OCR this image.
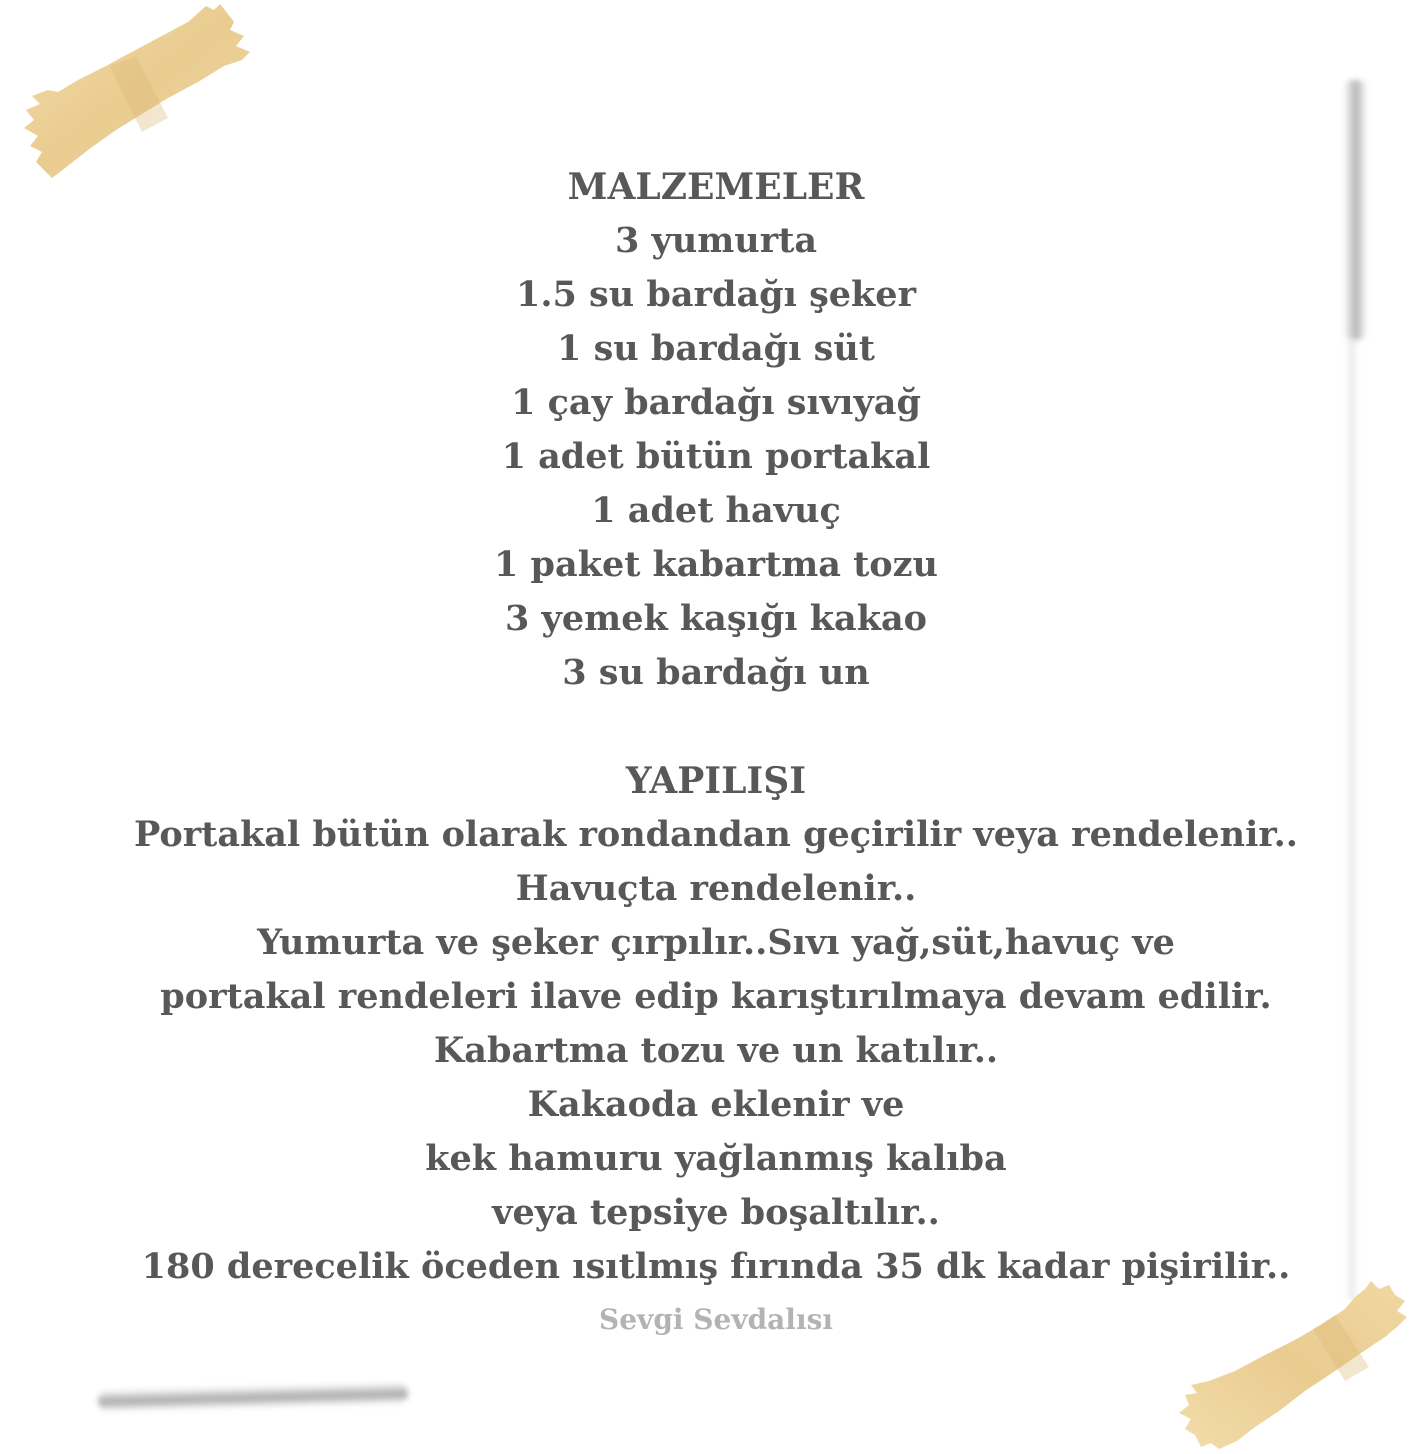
MALZEMELER
3 yumurta
1.5 su bardağı şeker
1 su bardağı süt
1 çay bardağı sıvıyağ
1 adet bütün portakal
1 adet havuç
1 paket kabartma tozu
3 yemek kaşığı kakao
3 su bardağı un
YAPILIŞI
Portakal bütün olarak rondandan geçirilir veya rendelenir..
Havuçta rendelenir..
Yumurta ve şeker çırpılır..Sıvı yağ,süt,havuç ve
portakal rendeleri ilave edip karıştırılmaya devam edilir.
Kabartma tozu ve un katılır..
Kakaoda eklenir ve
kek hamuru yağlanmış kalıba
veya tepsiye boşaltılır..
180 derecelik öceden ısıtlmış fırında 35 dk kadar pişirilir..
Sevgi Sevdalısı
